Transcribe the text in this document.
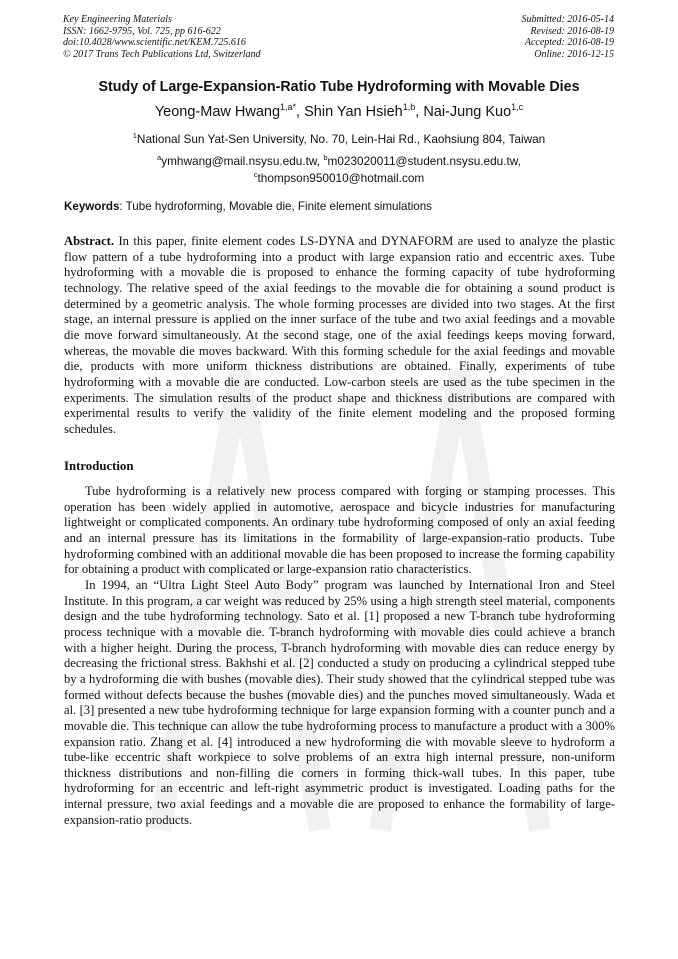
Key Engineering Materials
ISSN: 1662-9795, Vol. 725, pp 616-622
doi:10.4028/www.scientific.net/KEM.725.616
© 2017 Trans Tech Publications Ltd, Switzerland
Submitted: 2016-05-14
Revised: 2016-08-19
Accepted: 2016-08-19
Online: 2016-12-15
Study of Large-Expansion-Ratio Tube Hydroforming with Movable Dies
Yeong-Maw Hwang$^{1,a*}$, Shin Yan Hsieh$^{1,b}$, Nai-Jung Kuo$^{1,c}$
$^1$National Sun Yat-Sen University, No. 70, Lein-Hai Rd., Kaohsiung 804, Taiwan
$^a$ymhwang@mail.nsysu.edu.tw, $^b$m023020011@student.nsysu.edu.tw,
$^c$thompson950010@hotmail.com
Keywords: Tube hydroforming, Movable die, Finite element simulations

Abstract. In this paper, finite element codes LS-DYNA and DYNAFORM are used to analyze the plastic flow pattern of a tube hydroforming into a product with large expansion ratio and eccentric axes. Tube hydroforming with a movable die is proposed to enhance the forming capacity of tube hydroforming technology. The relative speed of the axial feedings to the movable die for obtaining a sound product is determined by a geometric analysis. The whole forming processes are divided into two stages. At the first stage, an internal pressure is applied on the inner surface of the tube and two axial feedings and a movable die move forward simultaneously. At the second stage, one of the axial feedings keeps moving forward, whereas, the movable die moves backward. With this forming schedule for the axial feedings and movable die, products with more uniform thickness distributions are obtained. Finally, experiments of tube hydroforming with a movable die are conducted. Low-carbon steels are used as the tube specimen in the experiments. The simulation results of the product shape and thickness distributions are compared with experimental results to verify the validity of the finite element modeling and the proposed forming schedules.

Introduction

Tube hydroforming is a relatively new process compared with forging or stamping processes. This operation has been widely applied in automotive, aerospace and bicycle industries for manufacturing lightweight or complicated components. An ordinary tube hydroforming composed of only an axial feeding and an internal pressure has its limitations in the formability of large-expansion-ratio products. Tube hydroforming combined with an additional movable die has been proposed to increase the forming capability for obtaining a product with complicated or large-expansion ratio characteristics.

In 1994, an “Ultra Light Steel Auto Body” program was launched by International Iron and Steel Institute. In this program, a car weight was reduced by 25% using a high strength steel material, components design and the tube hydroforming technology. Sato et al. [1] proposed a new T-branch tube hydroforming process technique with a movable die. T-branch hydroforming with movable dies could achieve a branch with a higher height. During the process, T-branch hydroforming with movable dies can reduce energy by decreasing the frictional stress. Bakhshi et al. [2] conducted a study on producing a cylindrical stepped tube by a hydroforming die with bushes (movable dies). Their study showed that the cylindrical stepped tube was formed without defects because the bushes (movable dies) and the punches moved simultaneously. Wada et al. [3] presented a new tube hydroforming technique for large expansion forming with a counter punch and a movable die. This technique can allow the tube hydroforming process to manufacture a product with a 300% expansion ratio. Zhang et al. [4] introduced a new hydroforming die with movable sleeve to hydroform a tube-like eccentric shaft workpiece to solve problems of an extra high internal pressure, non-uniform thickness distributions and non-filling die corners in forming thick-wall tubes. In this paper, tube hydroforming for an eccentric and left-right asymmetric product is investigated. Loading paths for the internal pressure, two axial feedings and a movable die are proposed to enhance the formability of large-expansion-ratio products.
